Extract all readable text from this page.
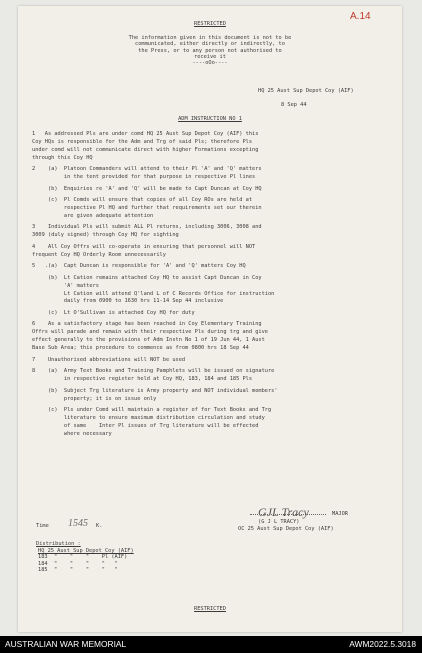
A.14

RESTRICTED

The information given in this document is not to be

communicated, either directly or indirectly, to

the Press, or to any person not authorised to

receive it

----oOo----

HQ 25 Aust Sup Depot Coy (AIF)

8 Sep 44

ADM INSTRUCTION NO 1

1   As addressed Pls are under comd HQ 25 Aust Sup Depot Coy (AIF) this

Coy HQs is responsible for the Adm and Trg of said Pls; therefore Pls

under comd will not communicate direct with higher Formations excepting

through this Coy HQ

2    (a)  Platoon Commanders will attend to their Pl 'A' and 'Q' matters

in the tent provided for that purpose in respective Pl lines

(b)  Enquiries re 'A' and 'Q' will be made to Capt Duncan at Coy HQ

(c)  Pl Comds will ensure that copies of all Coy ROs are held at

respective Pl HQ and further that requirements set our therein

are given adequate attention

3    Individual Pls will submit ALL Pl returns, including 3006, 3008 and

3009 (duly signed) through Coy HQ for sighting

4    All Coy Offrs will co-operate in ensuring that personnel will NOT

frequent Coy HQ Orderly Room unnecessarily

5   .(a)  Capt Duncan is responsible for 'A' and 'Q' matters Coy HQ

(b)  Lt Cation remains attached Coy HQ to assist Capt Duncan in Coy

'A' matters

Lt Cation will attend Q'land L of C Records Office for instruction

daily from 0900 to 1630 hrs 11-14 Sep 44 inclusive

(c)  Lt O'Sullivan is attached Coy HQ for duty

6    As a satisfactory stage has been reached in Coy Elementary Training

Offrs will parade and remain with their respective Pls during trg and give

effect generally to the provisions of Adm Instn No 1 of 19 Jun 44, 1 Aust

Base Sub Area; this procedure to commence as from 0800 hrs 18 Sep 44

7    Unauthorised abbreviations will NOT be used

8    (a)  Army Text Books and Training Pamphlets will be issued on signature

in respective register held at Coy HQ, 183, 184 and 185 Pls

(b)  Subject Trg literature is Army property and NOT individual members'

property; it is on issue only

(c)  Pls under Comd will maintain a register of for Text Books and Trg

literature to ensure maximum distribution circulation and study

of same    Inter Pl issues of Trg literature will be effected

where necessary

GJL Tracy	MAJOR

(G J L TRACY)

OC 25 Aust Sup Depot Coy (AIF)

Time 1545 K.

Distribution :

HQ 25 Aust Sup Depot Coy (AIF)

183  "    "    "    Pl (AIF)

184  "    "    "    "   "

185  "    "    "    "   "

RESTRICTED

AUSTRALIAN WAR MEMORIAL	AWM2022.5.3018
